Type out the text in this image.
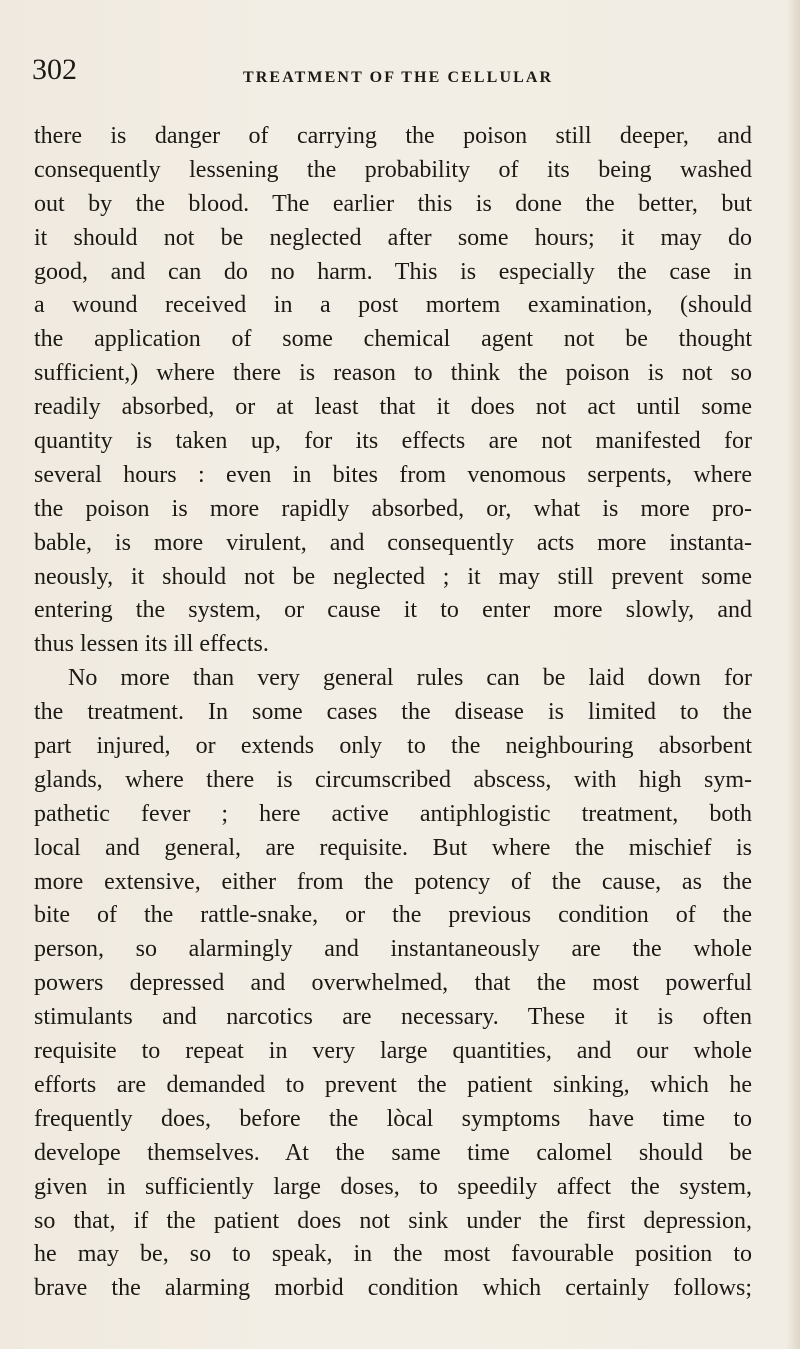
302	TREATMENT OF THE CELLULAR
there is danger of carrying the poison still deeper, and
consequently lessening the probability of its being washed
out by the blood. The earlier this is done the better, but
it should not be neglected after some hours; it may do
good, and can do no harm. This is especially the case in
a wound received in a post mortem examination, (should
the application of some chemical agent not be thought
sufficient,) where there is reason to think the poison is not so
readily absorbed, or at least that it does not act until some
quantity is taken up, for its effects are not manifested for
several hours : even in bites from venomous serpents, where
the poison is more rapidly absorbed, or, what is more pro-
bable, is more virulent, and consequently acts more instanta-
neously, it should not be neglected ; it may still prevent some
entering the system, or cause it to enter more slowly, and
thus lessen its ill effects.
No more than very general rules can be laid down for
the treatment. In some cases the disease is limited to the
part injured, or extends only to the neighbouring absorbent
glands, where there is circumscribed abscess, with high sym-
pathetic fever ; here active antiphlogistic treatment, both
local and general, are requisite. But where the mischief is
more extensive, either from the potency of the cause, as the
bite of the rattle-snake, or the previous condition of the
person, so alarmingly and instantaneously are the whole
powers depressed and overwhelmed, that the most powerful
stimulants and narcotics are necessary. These it is often
requisite to repeat in very large quantities, and our whole
efforts are demanded to prevent the patient sinking, which he
frequently does, before the lòcal symptoms have time to
develope themselves. At the same time calomel should be
given in sufficiently large doses, to speedily affect the system,
so that, if the patient does not sink under the first depression,
he may be, so to speak, in the most favourable position to
brave the alarming morbid condition which certainly follows;
